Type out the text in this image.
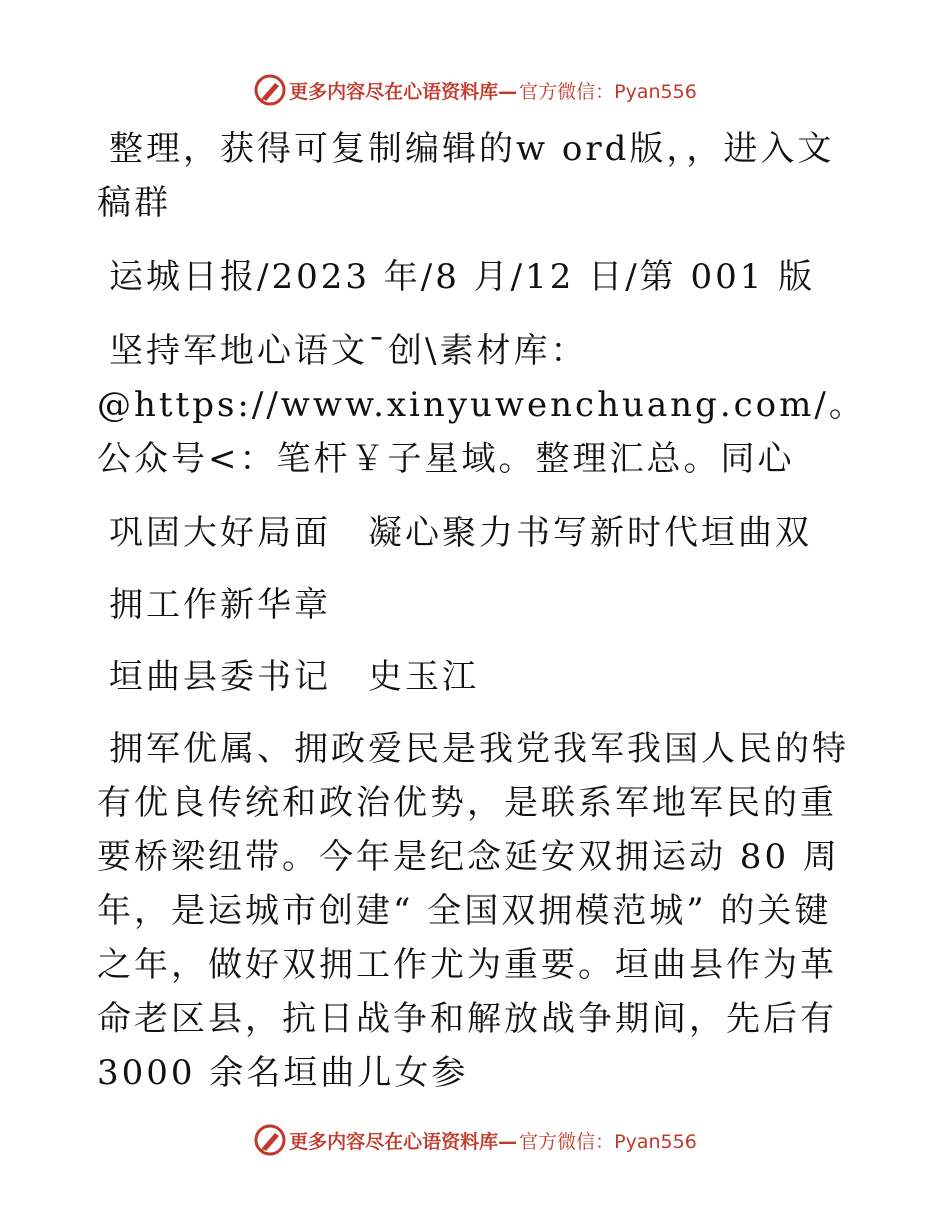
更多内容尽在心语资料库— 官方微信：Pyan556

整理，获得可复制编辑的w ord版，，进入文稿群

运城日报/2023 年/8 月/12 日/第 001 版

坚持军地心语文¯创\素材库：@https://www.xinyuwenchuang.com/。公众号<：笔杆￥子星域。整理汇总。同心

巩固大好局面　凝心聚力书写新时代垣曲双

拥工作新华章

垣曲县委书记　史玉江

拥军优属、拥政爱民是我党我军我国人民的特有优良传统和政治优势，是联系军地军民的重要桥梁纽带。今年是纪念延安双拥运动 80 周年，是运城市创建“ 全国双拥模范城” 的关键之年，做好双拥工作尤为重要。垣曲县作为革命老区县，抗日战争和解放战争期间，先后有 3000 余名垣曲儿女参

更多内容尽在心语资料库— 官方微信：Pyan556
